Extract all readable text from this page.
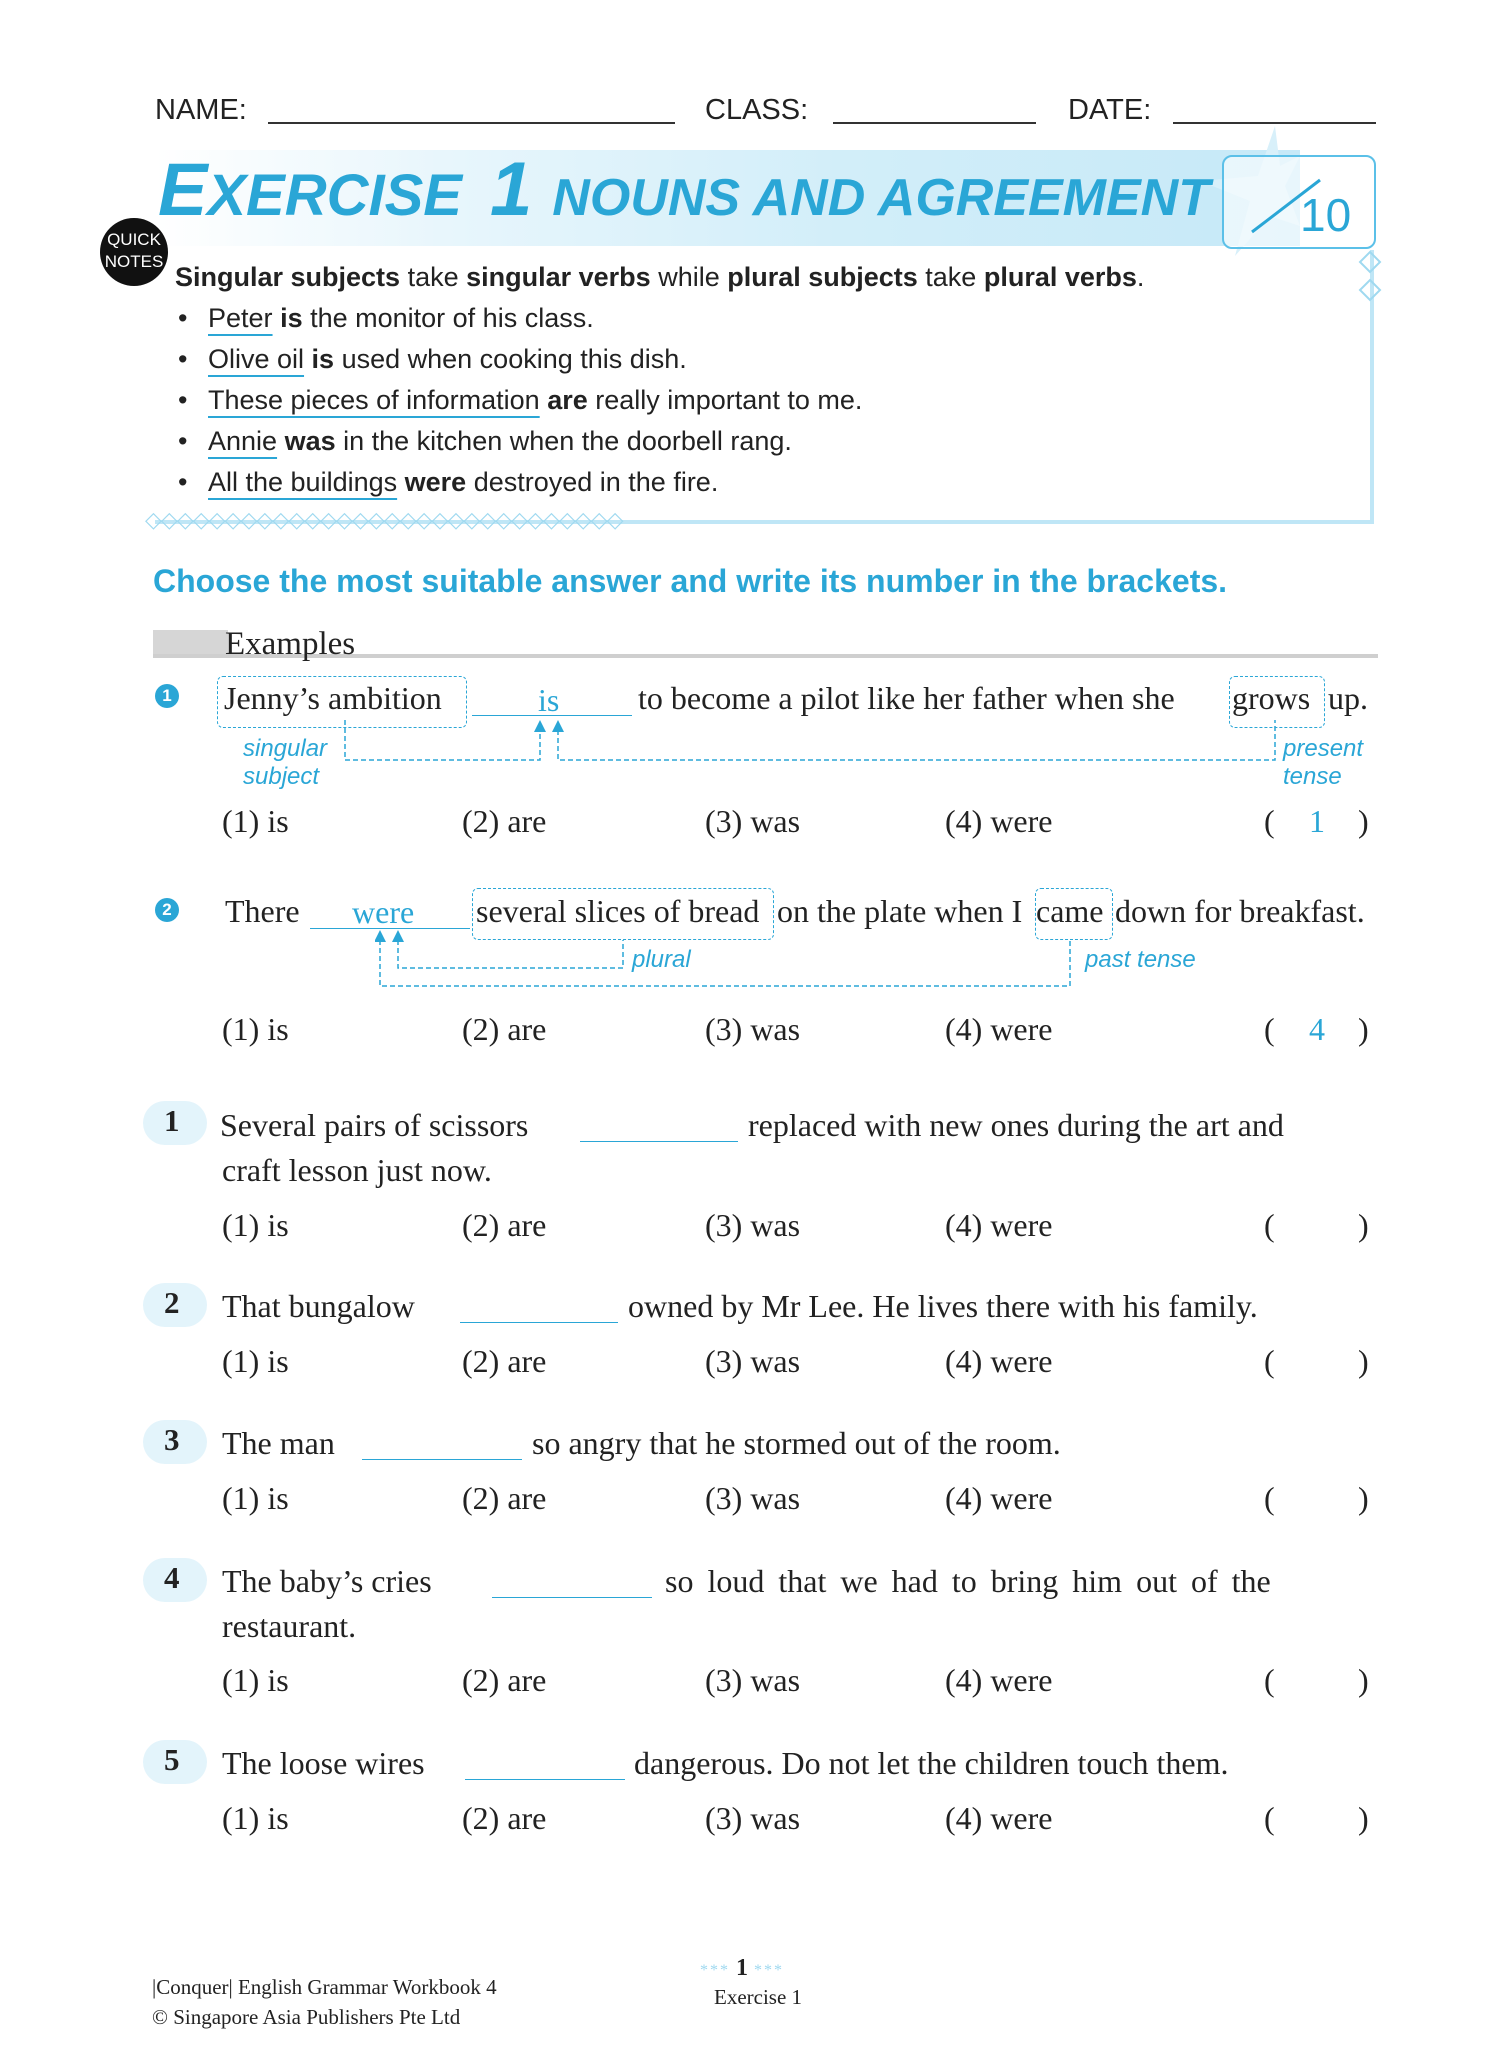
NAME:	CLASS:	DATE:
EXERCISE 1 NOUNS AND AGREEMENT 10
QUICK
NOTES
Singular subjects take singular verbs while plural subjects take plural verbs.
• Peter is the monitor of his class.
• Olive oil is used when cooking this dish.
• These pieces of information are really important to me.
• Annie was in the kitchen when the doorbell rang.
• All the buildings were destroyed in the fire.
◇◇◇◇◇◇◇◇◇◇◇◇◇◇◇◇◇◇◇◇◇◇◇◇◇◇◇◇◇◇
Choose the most suitable answer and write its number in the brackets.
Examples
1 Jenny’s ambition	is to become a pilot like her father when she grows up.
singular
subject
present
tense
(1) is	(2) are	(3) was	(4) were	( 1 )
2 There were several slices of bread on the plate when I came down for breakfast.
plural	past tense
(1) is	(2) are	(3) was	(4) were	( 4 )
1 Several pairs of scissors	replaced with new ones during the art and
craft lesson just now.
(1) is	(2) are	(3) was	(4) were	(	)
2 That bungalow	owned by Mr Lee. He lives there with his family.
(1) is	(2) are	(3) was	(4) were	(	)
3 The man	so angry that he stormed out of the room.
(1) is	(2) are	(3) was	(4) were	(	)
4 The baby’s cries	so loud that we had to bring him out of the
restaurant.
(1) is	(2) are	(3) was	(4) were	(	)
5 The loose wires	dangerous. Do not let the children touch them.
(1) is	(2) are	(3) was	(4) were	(	)
|Conquer| English Grammar Workbook 4
© Singapore Asia Publishers Pte Ltd
*** 1 ***
Exercise 1
